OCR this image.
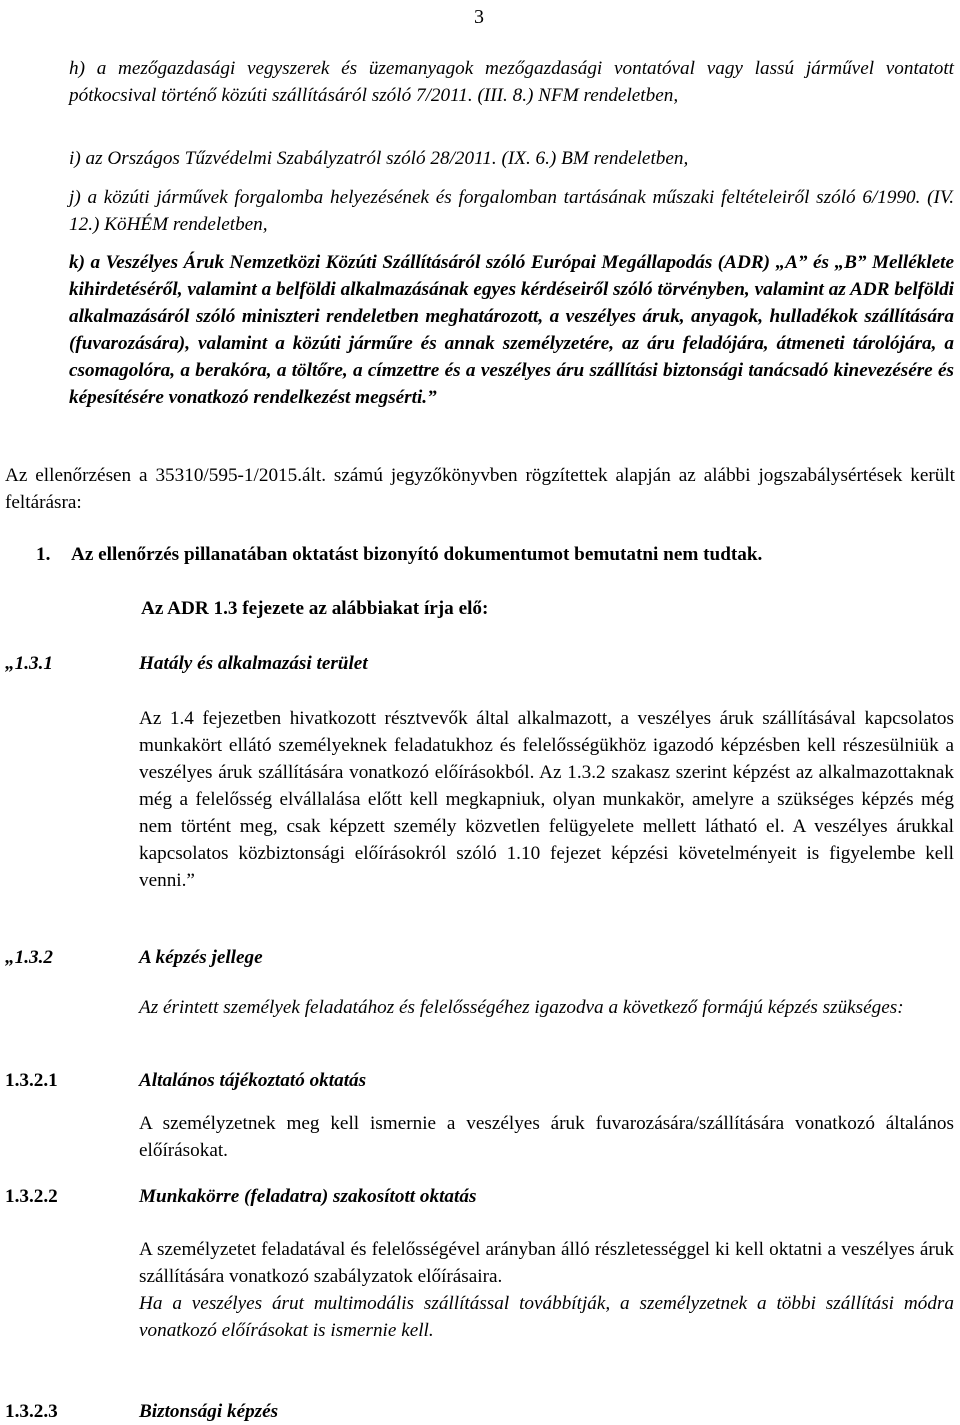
3

h) a mezőgazdasági vegyszerek és üzemanyagok mezőgazdasági vontatóval vagy lassú járművel vontatott pótkocsival történő közúti szállításáról szóló 7/2011. (III. 8.) NFM rendeletben,

i) az Országos Tűzvédelmi Szabályzatról szóló 28/2011. (IX. 6.) BM rendeletben,

j) a közúti járművek forgalomba helyezésének és forgalomban tartásának műszaki feltételeiről szóló 6/1990. (IV. 12.) KöHÉM rendeletben,

k) a Veszélyes Áruk Nemzetközi Közúti Szállításáról szóló Európai Megállapodás (ADR) „A” és „B” Melléklete kihirdetéséről, valamint a belföldi alkalmazásának egyes kérdéseiről szóló törvényben, valamint az ADR belföldi alkalmazásáról szóló miniszteri rendeletben meghatározott, a veszélyes áruk, anyagok, hulladékok szállítására (fuvarozására), valamint a közúti járműre és annak személyzetére, az áru feladójára, átmeneti tárolójára, a csomagolóra, a berakóra, a töltőre, a címzettre és a veszélyes áru szállítási biztonsági tanácsadó kinevezésére és képesítésére vonatkozó rendelkezést megsérti.”

Az ellenőrzésen a 35310/595-1/2015.ált. számú jegyzőkönyvben rögzítettek alapján az alábbi jogszabálysértések került feltárásra:

1. Az ellenőrzés pillanatában oktatást bizonyító dokumentumot bemutatni nem tudtak.

Az ADR 1.3 fejezete az alábbiakat írja elő:

„1.3.1	Hatály és alkalmazási terület

Az 1.4 fejezetben hivatkozott résztvevők által alkalmazott, a veszélyes áruk szállításával kapcsolatos munkakört ellátó személyeknek feladatukhoz és felelősségükhöz igazodó képzésben kell részesülniük a veszélyes áruk szállítására vonatkozó előírásokból. Az 1.3.2 szakasz szerint képzést az alkalmazottaknak még a felelősség elvállalása előtt kell megkapniuk, olyan munkakör, amelyre a szükséges képzés még nem történt meg, csak képzett személy közvetlen felügyelete mellett látható el. A veszélyes árukkal kapcsolatos közbiztonsági előírásokról szóló 1.10 fejezet képzési követelményeit is figyelembe kell venni.”

„1.3.2	A képzés jellege

Az érintett személyek feladatához és felelősségéhez igazodva a következő formájú képzés szükséges:

1.3.2.1	Altalános tájékoztató oktatás

A személyzetnek meg kell ismernie a veszélyes áruk fuvarozására/szállítására vonatkozó általános előírásokat.

1.3.2.2	Munkakörre (feladatra) szakosított oktatás

A személyzetet feladatával és felelősségével arányban álló részletességgel ki kell oktatni a veszélyes áruk szállítására vonatkozó szabályzatok előírásaira.

Ha a veszélyes árut multimodális szállítással továbbítják, a személyzetnek a többi szállítási módra vonatkozó előírásokat is ismernie kell.

1.3.2.3	Biztonsági képzés
